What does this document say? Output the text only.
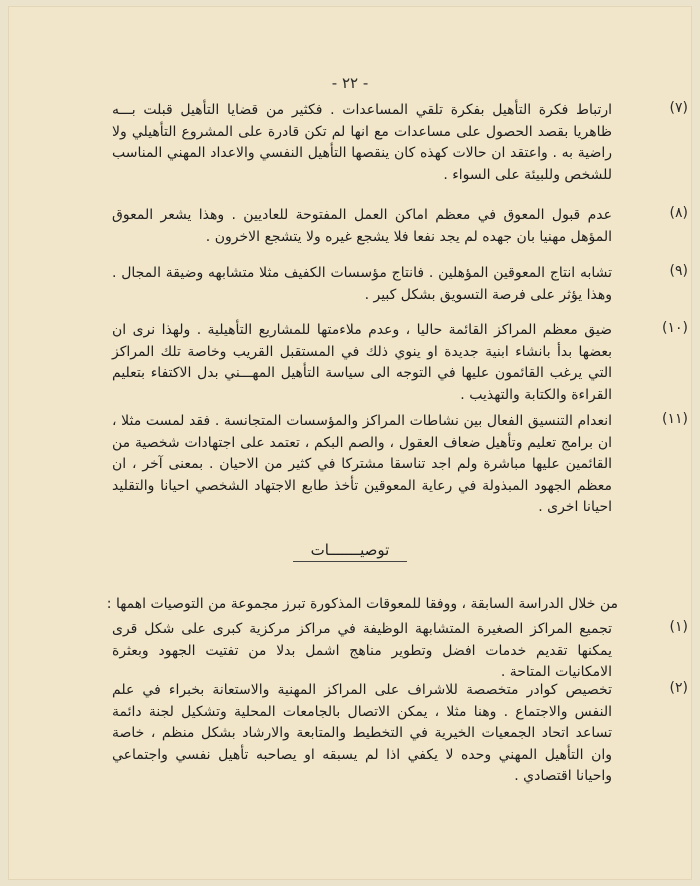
- ٢٢ -
(٧)
ارتباط فكرة التأهيل بفكرة تلقي المساعدات . فكثير من قضايا التأهيل قبلت بـــه ظاهريا بقصد الحصول على مساعدات مع انها لم تكن قادرة على المشروع التأهيلي ولا راضية به . واعتقد ان حالات كهذه كان ينقصها التأهيل النفسي والاعداد المهني المناسب للشخص وللبيئة على السواء .
(٨)
عدم قبول المعوق في معظم اماكن العمل المفتوحة للعاديين . وهذا يشعر المعوق المؤهل مهنيا بان جهده لم يجد نفعا فلا يشجع غيره ولا يتشجع الاخرون .
(٩)
تشابه انتاج المعوقين المؤهلين . فانتاج مؤسسات الكفيف مثلا متشابهه وضيقة المجال . وهذا يؤثر على فرصة التسويق بشكل كبير .
(١٠)
ضيق معظم المراكز القائمة حاليا ، وعدم ملاءمتها للمشاريع التأهيلية . ولهذا نرى ان بعضها بدأ بانشاء ابنية جديدة او ينوي ذلك في المستقبل القريب وخاصة تلك المراكز التي يرغب القائمون عليها في التوجه الى سياسة التأهيل المهـــني بدل الاكتفاء بتعليم القراءة والكتابة والتهذيب .
(١١)
انعدام التنسيق الفعال بين نشاطات المراكز والمؤسسات المتجانسة . فقد لمست مثلا ، ان برامج تعليم وتأهيل ضعاف العقول ، والصم البكم ، تعتمد على اجتهادات شخصية من القائمين عليها مباشرة ولم اجد تناسقا مشتركا في كثير من الاحيان . بمعنى آخر ، ان معظم الجهود المبذولة في رعاية المعوقين تأخذ طابع الاجتهاد الشخصي احيانا والتقليد احيانا اخرى .
توصيـــــــات
من خلال الدراسة السابقة ، ووفقا للمعوقات المذكورة تبرز مجموعة من التوصيات اهمها :
(١)
تجميع المراكز الصغيرة المتشابهة الوظيفة في مراكز مركزية كبرى على شكل قرى يمكنها تقديم خدمات افضل وتطوير مناهج اشمل بدلا من تفتيت الجهود وبعثرة الامكانيات المتاحة .
(٢)
تخصيص كوادر متخصصة للاشراف على المراكز المهنية والاستعانة بخبراء في علم النفس والاجتماع . وهنا مثلا ، يمكن الاتصال بالجامعات المحلية وتشكيل لجنة دائمة تساعد اتحاد الجمعيات الخيرية في التخطيط والمتابعة والارشاد بشكل منظم ، خاصة وان التأهيل المهني وحده لا يكفي اذا لم يسبقه او يصاحبه تأهيل نفسي واجتماعي واحيانا اقتصادي .
